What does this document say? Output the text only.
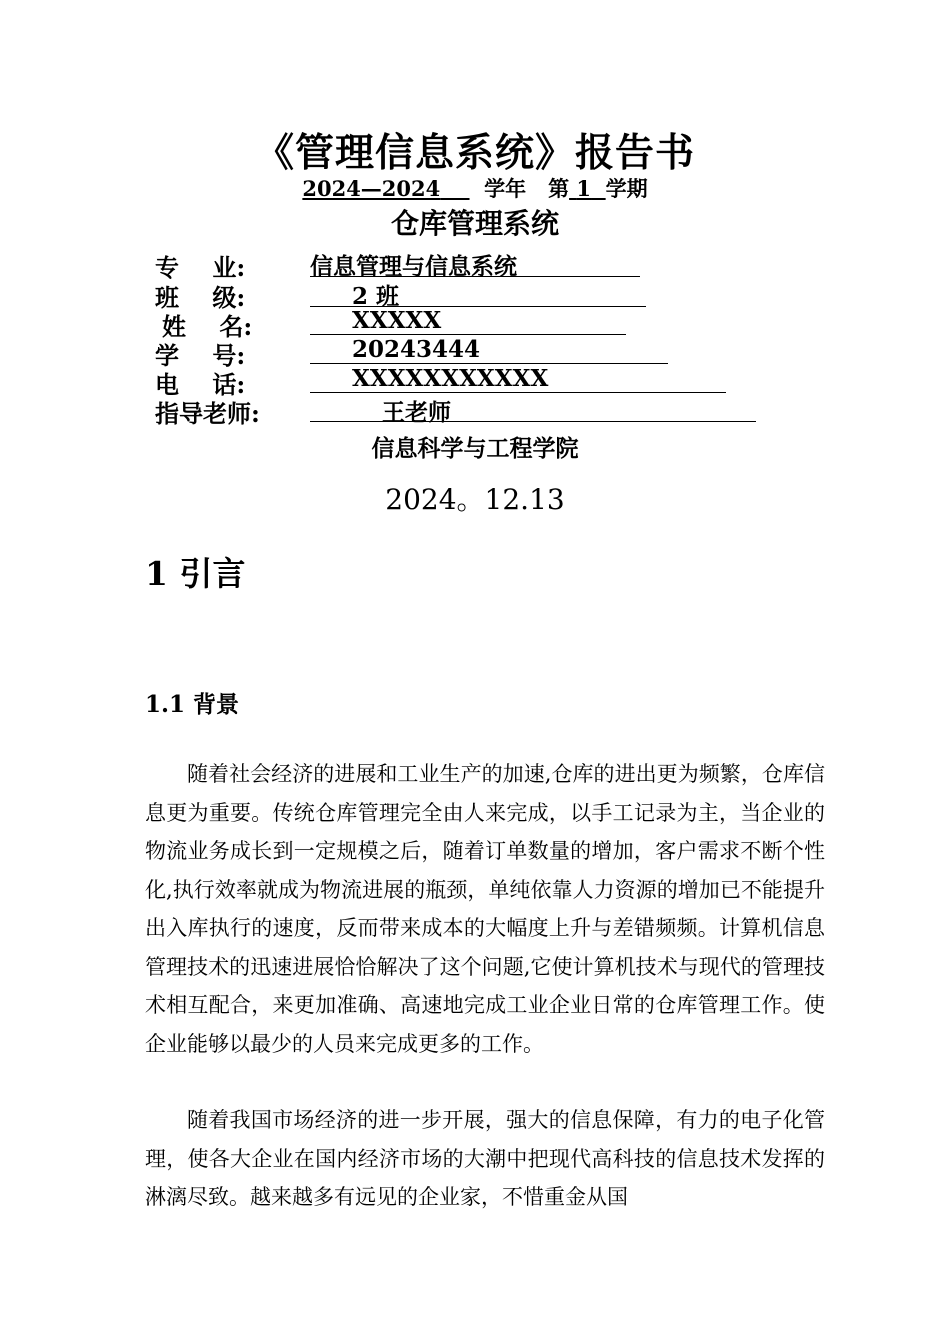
《管理信息系统》报告书
2024—2024 学年 第 1 学期
仓库管理系统
专    业:	信息管理与信息系统
班    级:	2 班
姓    名:	XXXXX
学    号:	20243444
电    话:	XXXXXXXXXXX
指导老师:	王老师
信息科学与工程学院
2024。12.13
1 引言
1.1 背景
随着社会经济的进展和工业生产的加速,仓库的进出更为频繁，仓库信息更为重要。传统仓库管理完全由人来完成，以手工记录为主，当企业的物流业务成长到一定规模之后，随着订单数量的增加，客户需求不断个性化,执行效率就成为物流进展的瓶颈，单纯依靠人力资源的增加已不能提升出入库执行的速度，反而带来成本的大幅度上升与差错频频。计算机信息管理技术的迅速进展恰恰解决了这个问题,它使计算机技术与现代的管理技术相互配合，来更加准确、高速地完成工业企业日常的仓库管理工作。使企业能够以最少的人员来完成更多的工作。
随着我国市场经济的进一步开展，强大的信息保障，有力的电子化管理，使各大企业在国内经济市场的大潮中把现代高科技的信息技术发挥的淋漓尽致。越来越多有远见的企业家，不惜重金从国
